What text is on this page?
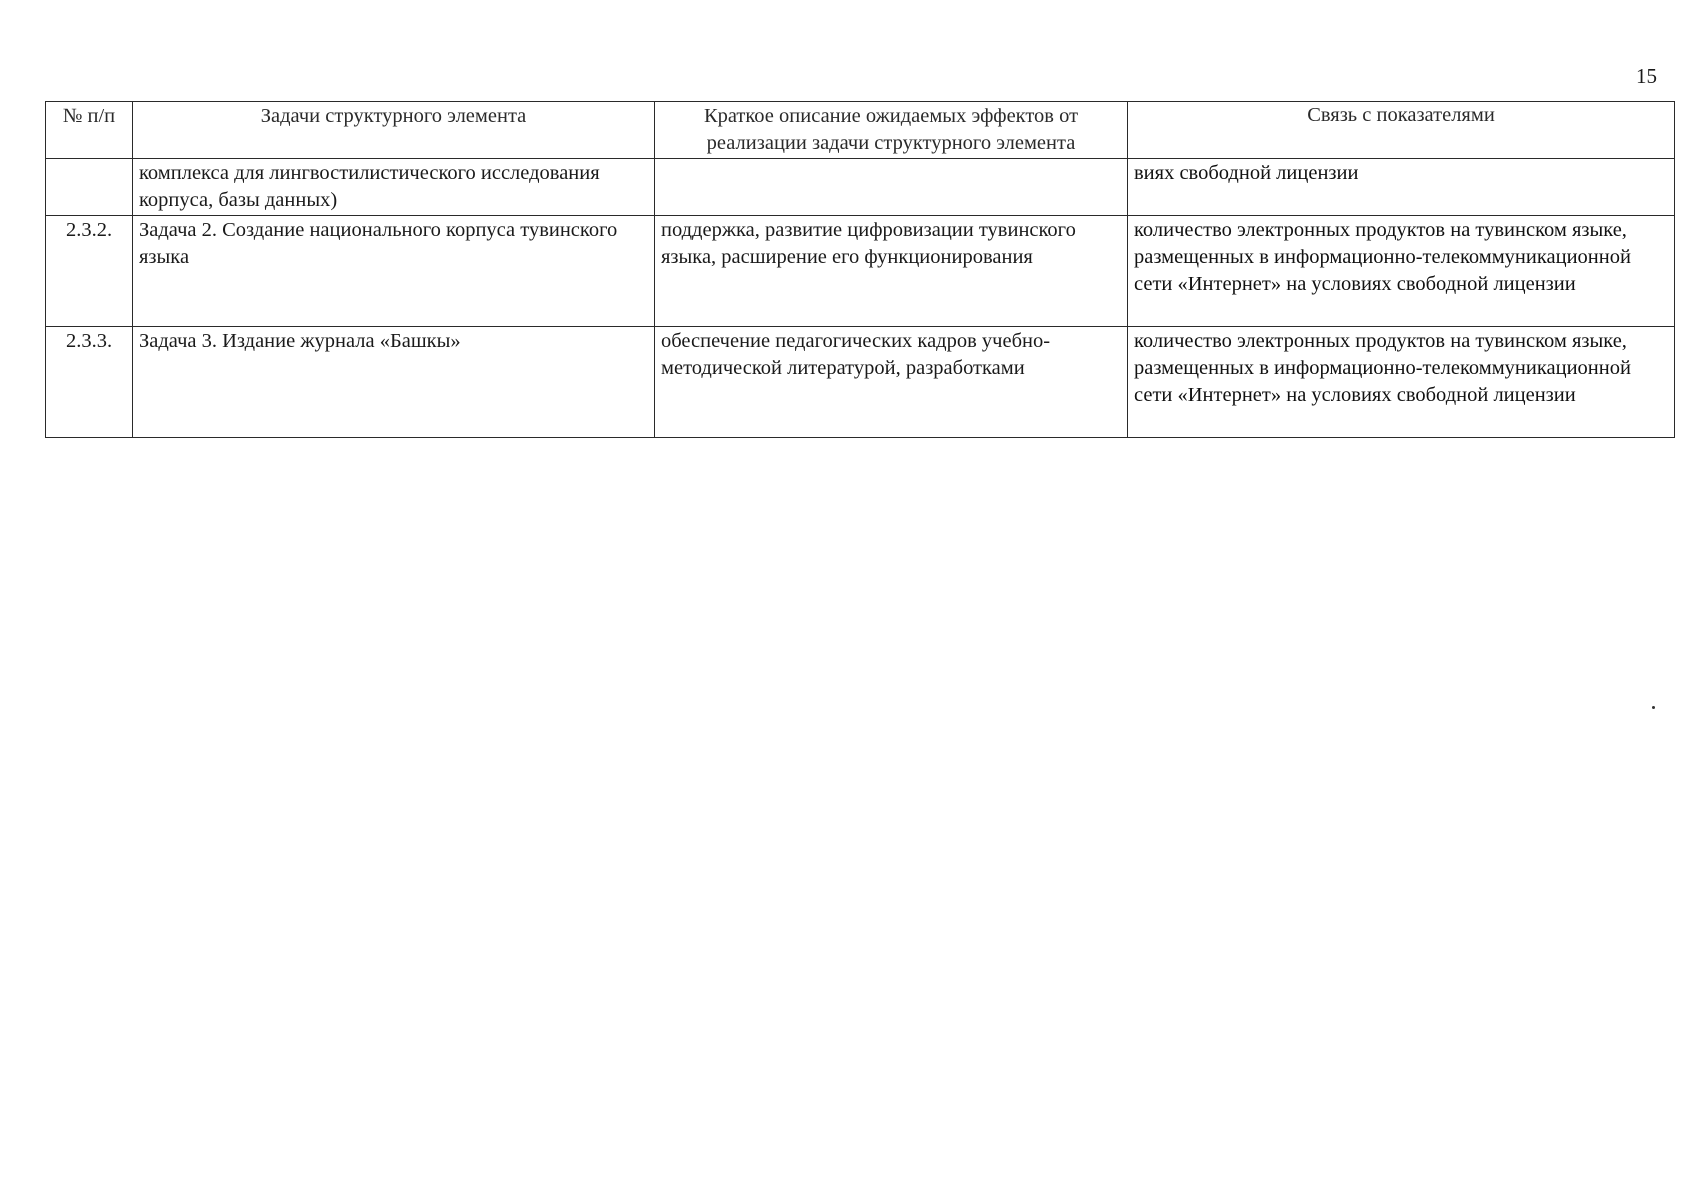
15
№ п/п	Задачи структурного элемента	Краткое описание ожидаемых эффектов от реализации задачи структурного элемента	Связь с показателями
	комплекса для лингвостилистического исследования корпуса, базы данных)		виях свободной лицензии
2.3.2.	Задача 2. Создание национального корпуса тувинского языка	поддержка, развитие цифровизации тувинского языка, расширение его функционирования	количество электронных продуктов на тувинском языке, размещенных в информационно-телекоммуникационной сети «Интернет» на условиях свободной лицензии
2.3.3.	Задача 3. Издание журнала «Башкы»	обеспечение педагогических кадров учебно-методической литературой, разработками	количество электронных продуктов на тувинском языке, размещенных в информационно-телекоммуникационной сети «Интернет» на условиях свободной лицензии
